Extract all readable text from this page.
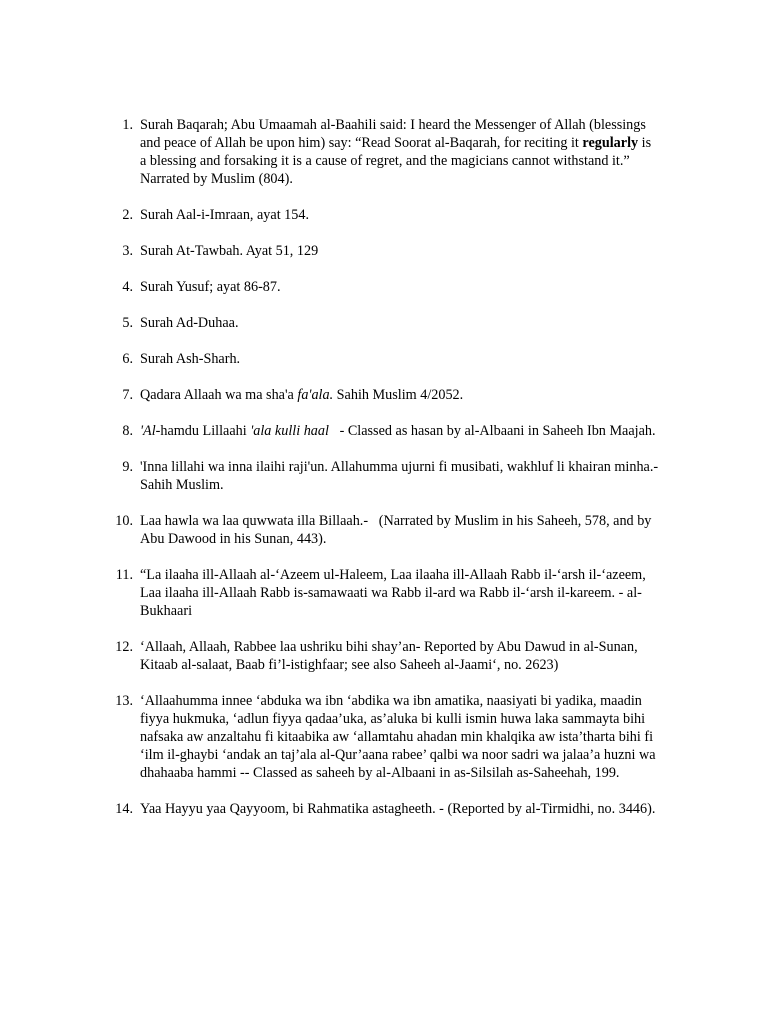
1. Surah Baqarah; Abu Umaamah al-Baahili said: I heard the Messenger of Allah (blessings and peace of Allah be upon him) say: “Read Soorat al-Baqarah, for reciting it regularly is a blessing and forsaking it is a cause of regret, and the magicians cannot withstand it.” Narrated by Muslim (804).
2. Surah Aal-i-Imraan, ayat 154.
3. Surah At-Tawbah. Ayat 51, 129
4. Surah Yusuf; ayat 86-87.
5. Surah Ad-Duhaa.
6. Surah Ash-Sharh.
7. Qadara Allaah wa ma sha'a fa'ala. Sahih Muslim 4/2052.
8. 'Al-hamdu Lillaahi 'ala kulli haal   - Classed as hasan by al-Albaani in Saheeh Ibn Maajah.
9. 'Inna lillahi wa inna ilaihi raji'un. Allahumma ujurni fi musibati, wakhluf li khairan minha.- Sahih Muslim.
10. Laa hawla wa laa quwwata illa Billaah.-   (Narrated by Muslim in his Saheeh, 578, and by Abu Dawood in his Sunan, 443).
11. “La ilaaha ill-Allaah al-‘Azeem ul-Haleem, Laa ilaaha ill-Allaah Rabb il-‘arsh il-‘azeem, Laa ilaaha ill-Allaah Rabb is-samawaati wa Rabb il-ard wa Rabb il-‘arsh il-kareem. - al-Bukhaari
12. ‘Allaah, Allaah, Rabbee laa ushriku bihi shay’an- Reported by Abu Dawud in al-Sunan, Kitaab al-salaat, Baab fi’l-istighfaar; see also Saheeh al-Jaami‘, no. 2623)
13. ‘Allaahumma innee ‘abduka wa ibn ‘abdika wa ibn amatika, naasiyati bi yadika, maadin fiyya hukmuka, ‘adlun fiyya qadaa’uka, as’aluka bi kulli ismin huwa laka sammayta bihi nafsaka aw anzaltahu fi kitaabika aw ‘allamtahu ahadan min khalqika aw ista’tharta bihi fi ‘ilm il-ghaybi ‘andak an taj’ala al-Qur’aana rabee’ qalbi wa noor sadri wa jalaa’a huzni wa dhahaaba hammi -- Classed as saheeh by al-Albaani in as-Silsilah as-Saheehah, 199.
14. Yaa Hayyu yaa Qayyoom, bi Rahmatika astagheeth. - (Reported by al-Tirmidhi, no. 3446).
